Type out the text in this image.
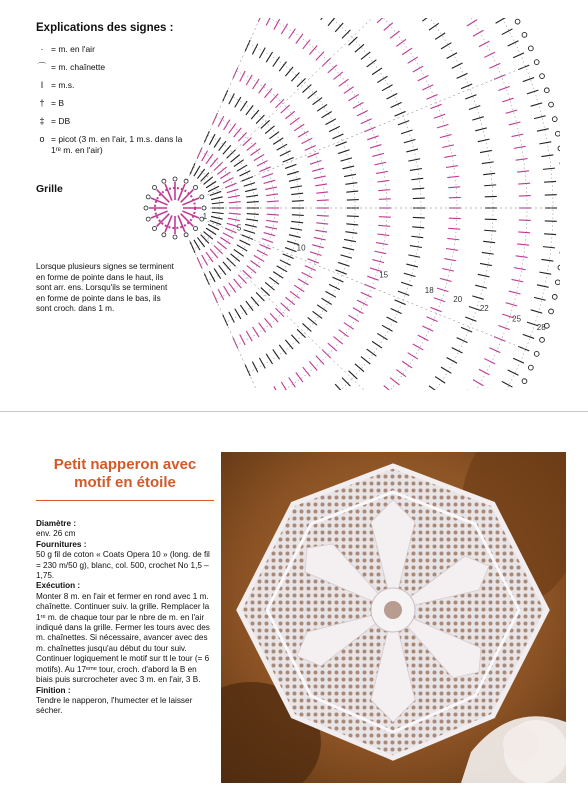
Explications des signes :
· = m. en l'air
⌒ = m. chaînette
I = m.s.
† = B
‡ = DB
o = picot (3 m. en l'air, 1 m.s. dans la 1ʳᵉ m. en l'air)
Grille
Lorsque plusieurs signes se terminent en forme de pointe dans le haut, ils sont arr. ens. Lorsqu'ils se terminent en forme de pointe dans le bas, ils sont croch. dans 1 m.
1
5
10
15
18
20
22
25
28
Petit napperon avec motif en étoile

Diamètre :
env. 26 cm

Fournitures :
50 g fil de coton « Coats Opera 10 » (long. de fil = 230 m/50 g), blanc, col. 500, crochet No 1,5 – 1,75.

Exécution :
Monter 8 m. en l'air et fermer en rond avec 1 m. chaînette. Continuer suiv. la grille. Remplacer la 1ʳᵉ m. de chaque tour par le nbre de m. en l'air indiqué dans la grille. Fermer les tours avec des m. chaînettes. Si nécessaire, avancer avec des m. chaînettes jusqu'au début du tour suiv. Continuer logiquement le motif sur tt le tour (= 6 motifs). Au 17ᵉᵐᵉ tour, croch. d'abord la B en biais puis surcrocheter avec 3 m. en l'air, 3 B.

Finition :
Tendre le napperon, l'humecter et le laisser sécher.
